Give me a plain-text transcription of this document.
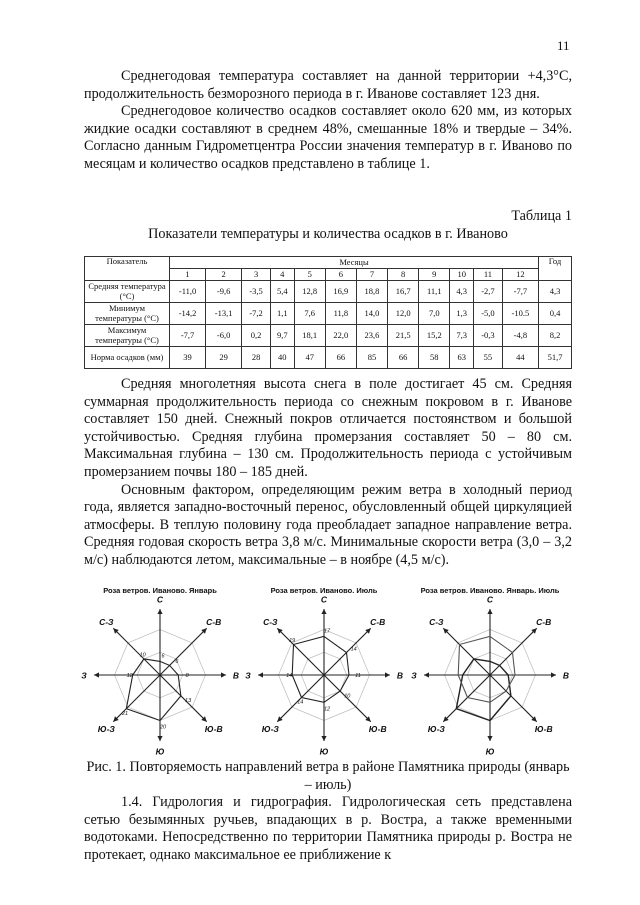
11

Среднегодовая температура составляет на данной территории +4,3°С, продолжительность безморозного периода в г. Иванове составляет 123 дня.

Среднегодовое количество осадков составляет около 620 мм, из которых жидкие осадки составляют в среднем 48%, смешанные 18% и твердые – 34%. Согласно данным Гидрометцентра России значения температур в г. Иваново по месяцам и количество осадков представлено в таблице 1.

Таблица 1
Показатели температуры и количества осадков в г. Иваново
Показатель	Месяцы												Год
	1	2	3	4	5	6	7	8	9	10	11	12	
Средняя температура (°С)	-11,0	-9,6	-3,5	5,4	12,8	16,9	18,8	16,7	11,1	4,3	-2,7	-7,7	4,3
Минимум температуры (°С)	-14,2	-13,1	-7,2	1,1	7,6	11,8	14,0	12,0	7,0	1,3	-5,0	-10.5	0,4
Максимум температуры (°С)	-7,7	-6,0	0,2	9,7	18,1	22,0	23,6	21,5	15,2	7,3	-0,3	-4,8	8,2
Норма осадков (мм)	39	29	28	40	47	66	85	66	58	63	55	44	51,7

Средняя многолетняя высота снега в поле достигает 45 см. Средняя суммарная продолжительность периода со снежным покровом в г. Иванове составляет 150 дней. Снежный покров отличается постоянством и большой устойчивостью. Средняя глубина промерзания составляет 50 – 80 см. Максимальная глубина – 130 см. Продолжительность периода с устойчивым промерзанием почвы 180 – 185 дней.

Основным фактором, определяющим режим ветра в холодный период года, является западно-восточный перенос, обусловленный общей циркуляцией атмосферы. В теплую половину года преобладает западное направление ветра. Средняя годовая скорость ветра 3,8 м/с. Минимальные скорости ветра (3,0 – 3,2 м/с) наблюдаются летом, максимальные – в ноябре (4,5 м/с).

Роза ветров. Иваново. Январь
С
С-В
В
Ю-В
Ю
Ю-З
З
С-З
6
6
8
13
20
21
12
10
Роза ветров. Иваново. Июль
С
С-В
В
Ю-В
Ю
Ю-З
З
С-З
17
14
11
10
12
14
14
19
Роза ветров. Иваново. Январь. Июль
С
С-В
В
Ю-В
Ю
Ю-З
З
С-З
Рис. 1. Повторяемость направлений ветра в районе Памятника природы (январь – июль)

1.4. Гидрология и гидрография. Гидрологическая сеть представлена сетью безымянных ручьев, впадающих в р. Востра, а также временными водотоками. Непосредственно по территории Памятника природы р. Востра не протекает, однако максимальное ее приближение к
